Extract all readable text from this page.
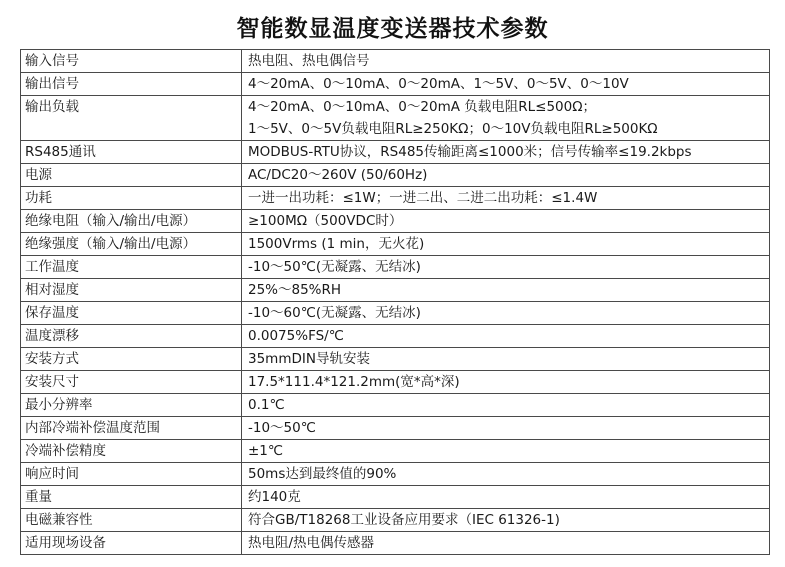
智能数显温度变送器技术参数
输入信号	热电阻、热电偶信号
输出信号	4～20mA、0～10mA、0～20mA、1～5V、0～5V、0～10V
输出负载	4～20mA、0～10mA、0～20mA 负载电阻RL≤500Ω；
1～5V、0～5V负载电阻RL≥250KΩ；0～10V负载电阻RL≥500KΩ

RS485通讯	MODBUS-RTU协议，RS485传输距离≤1000米；信号传输率≤19.2kbps
电源	AC/DC20～260V (50/60Hz)
功耗	一进一出功耗：≤1W；一进二出、二进二出功耗：≤1.4W
绝缘电阻（输入/输出/电源）	≥100MΩ（500VDC时）
绝缘强度（输入/输出/电源）	1500Vrms (1 min，无火花)
工作温度	-10～50℃(无凝露、无结冰)
相对湿度	25%～85%RH
保存温度	-10～60℃(无凝露、无结冰)
温度漂移	0.0075%FS/℃
安装方式	35mmDIN导轨安装
安装尺寸	17.5*111.4*121.2mm(宽*高*深)
最小分辨率	0.1℃
内部冷端补偿温度范围	-10～50℃
冷端补偿精度	±1℃
响应时间	50ms达到最终值的90%
重量	约140克
电磁兼容性	符合GB/T18268工业设备应用要求（IEC 61326-1)
适用现场设备	热电阻/热电偶传感器
